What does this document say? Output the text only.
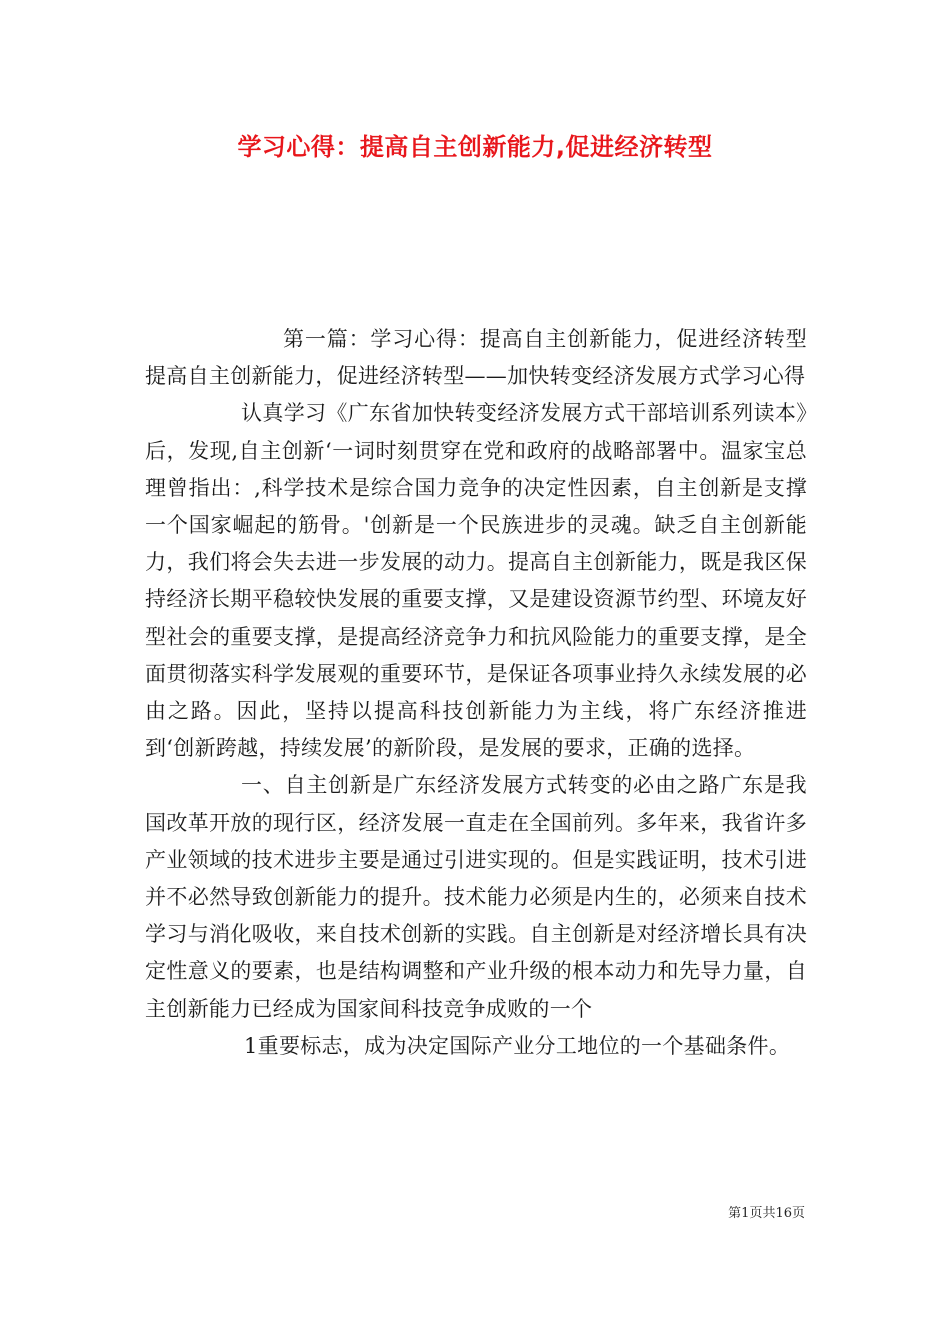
学习心得：提高自主创新能力,促进经济转型

第一篇：学习心得：提高自主创新能力，促进经济转型提高自主创新能力，促进经济转型——加快转变经济发展方式学习心得

认真学习《广东省加快转变经济发展方式干部培训系列读本》后，发现,自主创新‘一词时刻贯穿在党和政府的战略部署中。温家宝总理曾指出：,科学技术是综合国力竞争的决定性因素，自主创新是支撑一个国家崛起的筋骨。'创新是一个民族进步的灵魂。缺乏自主创新能力，我们将会失去进一步发展的动力。提高自主创新能力，既是我区保持经济长期平稳较快发展的重要支撑，又是建设资源节约型、环境友好型社会的重要支撑，是提高经济竞争力和抗风险能力的重要支撑，是全面贯彻落实科学发展观的重要环节，是保证各项事业持久永续发展的必由之路。因此，坚持以提高科技创新能力为主线，将广东经济推进到‘创新跨越，持续发展’的新阶段，是发展的要求，正确的选择。

一、自主创新是广东经济发展方式转变的必由之路广东是我国改革开放的现行区，经济发展一直走在全国前列。多年来，我省许多产业领域的技术进步主要是通过引进实现的。但是实践证明，技术引进并不必然导致创新能力的提升。技术能力必须是内生的，必须来自技术学习与消化吸收，来自技术创新的实践。自主创新是对经济增长具有决定性意义的要素，也是结构调整和产业升级的根本动力和先导力量，自主创新能力已经成为国家间科技竞争成败的一个

1重要标志，成为决定国际产业分工地位的一个基础条件。

第1页共16页
